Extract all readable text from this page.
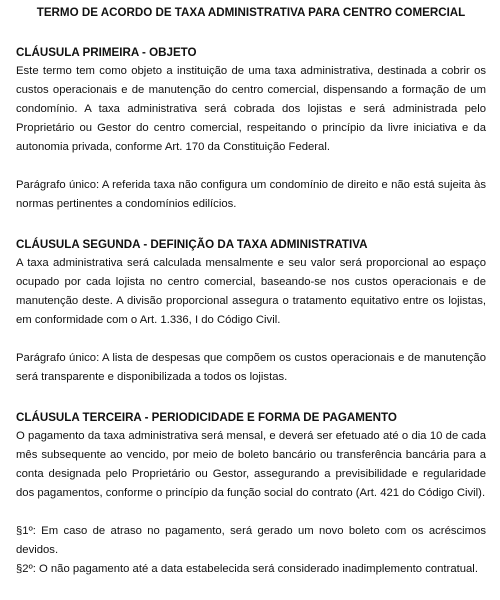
TERMO DE ACORDO DE TAXA ADMINISTRATIVA PARA CENTRO COMERCIAL
CLÁUSULA PRIMEIRA - OBJETO

Este termo tem como objeto a instituição de uma taxa administrativa, destinada a cobrir os custos operacionais e de manutenção do centro comercial, dispensando a formação de um condomínio. A taxa administrativa será cobrada dos lojistas e será administrada pelo Proprietário ou Gestor do centro comercial, respeitando o princípio da livre iniciativa e da autonomia privada, conforme Art. 170 da Constituição Federal.

Parágrafo único: A referida taxa não configura um condomínio de direito e não está sujeita às normas pertinentes a condomínios edilícios.

CLÁUSULA SEGUNDA - DEFINIÇÃO DA TAXA ADMINISTRATIVA

A taxa administrativa será calculada mensalmente e seu valor será proporcional ao espaço ocupado por cada lojista no centro comercial, baseando-se nos custos operacionais e de manutenção deste. A divisão proporcional assegura o tratamento equitativo entre os lojistas, em conformidade com o Art. 1.336, I do Código Civil.

Parágrafo único: A lista de despesas que compõem os custos operacionais e de manutenção será transparente e disponibilizada a todos os lojistas.

CLÁUSULA TERCEIRA - PERIODICIDADE E FORMA DE PAGAMENTO

O pagamento da taxa administrativa será mensal, e deverá ser efetuado até o dia 10 de cada mês subsequente ao vencido, por meio de boleto bancário ou transferência bancária para a conta designada pelo Proprietário ou Gestor, assegurando a previsibilidade e regularidade dos pagamentos, conforme o princípio da função social do contrato (Art. 421 do Código Civil).

§1º: Em caso de atraso no pagamento, será gerado um novo boleto com os acréscimos devidos.

§2º: O não pagamento até a data estabelecida será considerado inadimplemento contratual.
